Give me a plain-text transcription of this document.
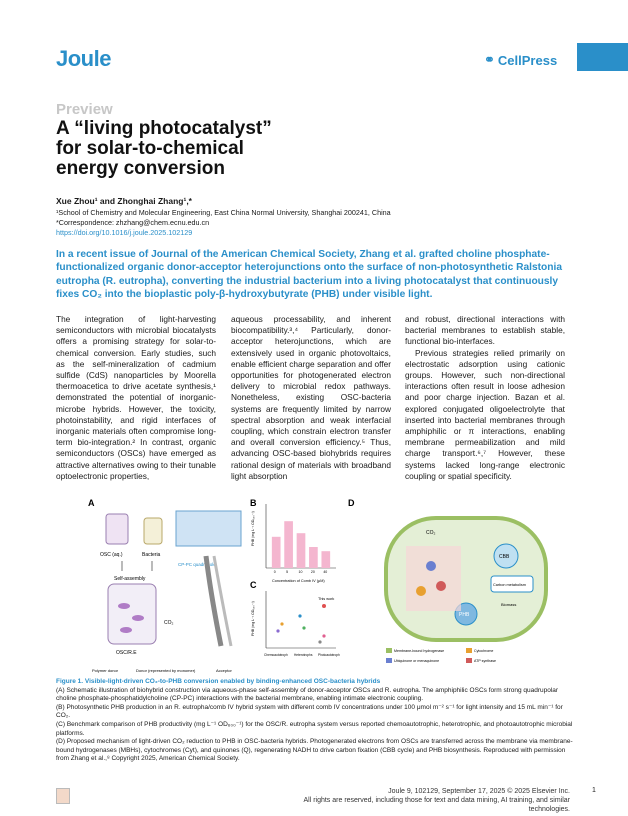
Joule	⚭ CellPress
Preview
A “living photocatalyst”
for solar-to-chemical
energy conversion
Xue Zhou¹ and Zhonghai Zhang¹,*
¹School of Chemistry and Molecular Engineering, East China Normal University, Shanghai 200241, China
*Correspondence: zhzhang@chem.ecnu.edu.cn
https://doi.org/10.1016/j.joule.2025.102129

In a recent issue of Journal of the American Chemical Society, Zhang et al. grafted choline phosphate-functionalized organic donor-acceptor heterojunctions onto the surface of non-photosynthetic Ralstonia eutropha (R. eutropha), converting the industrial bacterium into a living photocatalyst that continuously fixes CO₂ into the bioplastic poly-β-hydroxybutyrate (PHB) under visible light.

The integration of light-harvesting semiconductors with microbial biocatalysts offers a promising strategy for solar-to-chemical conversion. Early studies, such as the self-mineralization of cadmium sulfide (CdS) nanoparticles by Moorella thermoacetica to drive acetate synthesis,¹ demonstrated the potential of inorganic-microbe hybrids. However, the toxicity, photoinstability, and rigid interfaces of inorganic materials often compromise long-term bio-integration.² In contrast, organic semiconductors (OSCs) have emerged as attractive alternatives owing to their tunable optoelectronic properties,

aqueous processability, and inherent biocompatibility.³,⁴ Particularly, donor-acceptor heterojunctions, which are extensively used in organic photovoltaics, enable efficient charge separation and offer opportunities for photogenerated electron delivery to microbial redox pathways. Nonetheless, existing OSC-bacteria systems are frequently limited by narrow spectral absorption and weak interfacial coupling, which constrain electron transfer and overall conversion efficiency.⁵ Thus, advancing OSC-based biohybrids requires rational design of materials with broadband light absorption

and robust, directional interactions with bacterial membranes to establish stable, functional bio-interfaces.

Previous strategies relied primarily on electrostatic adsorption using cationic groups. However, such non-directional interactions often result in loose adhesion and poor charge injection. Bazan et al. explored conjugated oligoelectrolyte that inserted into bacterial membranes through amphiphilic or π interactions, enabling membrane permeabilization and mild charge transport.⁶,⁷ However, these systems lacked long-range electronic coupling or spatial specificity.

A
OSC (aq.)	Bacteria
Self-assembly
OSC/R.E
CO₂
CP-PC quadrupole
Polymer donor	Donor (represented by monomer)	Acceptor
B
PHB (mg L⁻¹ OD₆₀₀⁻¹)
Concentration of Comb IV (μM)
0	5	10 20 40
C
PHB (mg L⁻¹ OD₆₀₀⁻¹)
This work
Chemoautotroph Heterotrophs Photoautotroph
D
CO₂
CBB
Carbon metabolism
Biomass
PHB
Membrane-bound hydrogenase	Cytochrome
Ubiquinone or menaquinone	ATP synthase
Figure 1. Visible-light-driven CO₂-to-PHB conversion enabled by binding-enhanced OSC-bacteria hybrids
(A) Schematic illustration of biohybrid construction via aqueous-phase self-assembly of donor-acceptor OSCs and R. eutropha. The amphiphilic OSCs form strong quadrupolar choline phosphate-phosphatidylcholine (CP-PC) interactions with the bacterial membrane, enabling intimate electronic coupling.
(B) Photosynthetic PHB production in an R. eutropha/comb IV hybrid system with different comb IV concentrations under 100 μmol m⁻² s⁻¹ for light intensity and 15 mL min⁻¹ for CO₂.
(C) Benchmark comparison of PHB productivity (mg L⁻¹ OD₆₀₀⁻¹) for the OSC/R. eutropha system versus reported chemoautotrophic, heterotrophic, and photoautotrophic microbial platforms.
(D) Proposed mechanism of light-driven CO₂ reduction to PHB in OSC-bacteria hybrids. Photogenerated electrons from OSCs are transferred across the membrane via membrane-bound hydrogenases (MBHs), cytochromes (Cyt), and quinones (Q), regenerating NADH to drive carbon fixation (CBB cycle) and PHB biosynthesis. Reproduced with permission from Zhang et al.,⁸ Copyright 2025, American Chemical Society.
Joule 9, 102129, September 17, 2025 © 2025 Elsevier Inc.
All rights are reserved, including those for text and data mining, AI training, and similar technologies.
1
